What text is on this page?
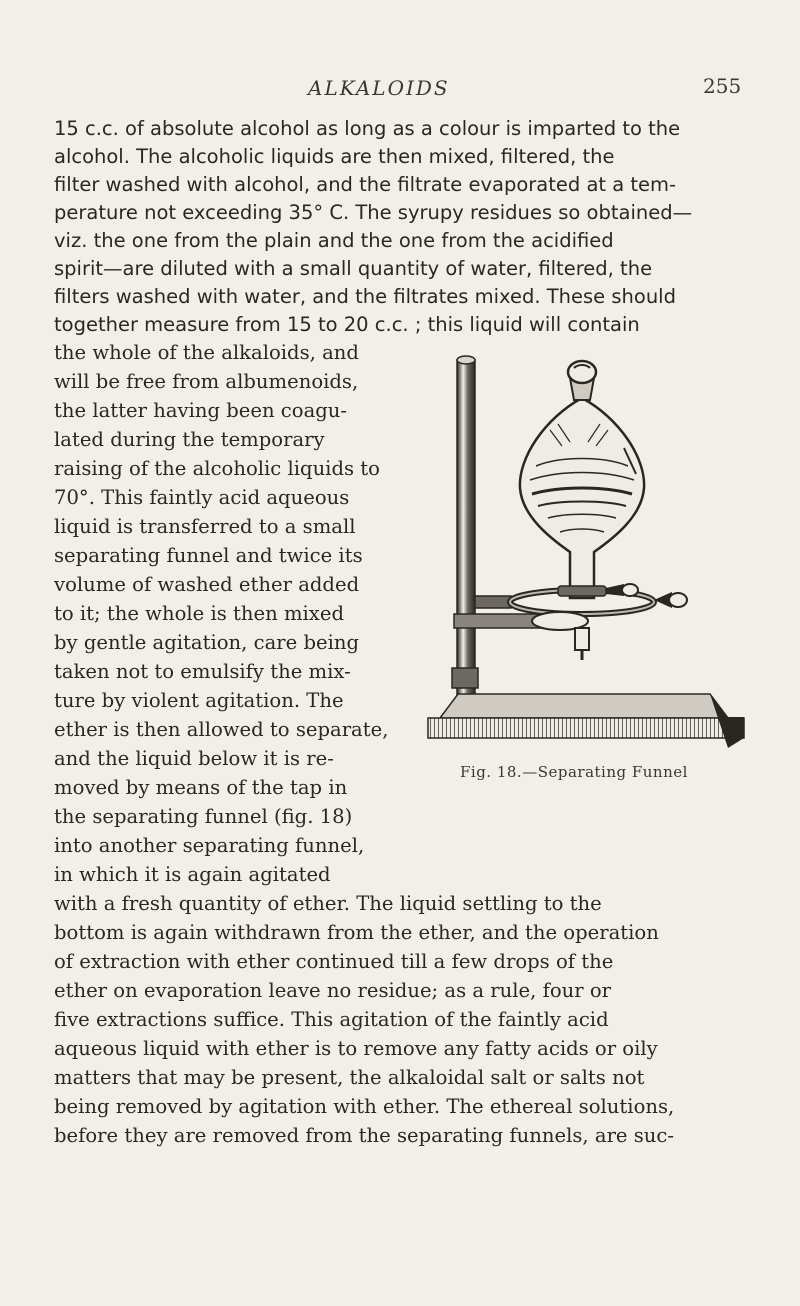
ALKALOIDS	255
15 c.c. of absolute alcohol as long as a colour is imparted to the
alcohol. The alcoholic liquids are then mixed, filtered, the
filter washed with alcohol, and the filtrate evaporated at a tem-
perature not exceeding 35° C. The syrupy residues so obtained—
viz. the one from the plain and the one from the acidified
spirit—are diluted with a small quantity of water, filtered, the
filters washed with water, and the filtrates mixed. These should
together measure from 15 to 20 c.c. ; this liquid will contain
the whole of the alkaloids, and
will be free from albumenoids,
the latter having been coagu-
lated during the temporary
raising of the alcoholic liquids to
70°. This faintly acid aqueous
liquid is transferred to a small
separating funnel and twice its
volume of washed ether added
to it; the whole is then mixed
by gentle agitation, care being
taken not to emulsify the mix-
ture by violent agitation. The
ether is then allowed to separate,
and the liquid below it is re-
moved by means of the tap in
the separating funnel (fig. 18)
into another separating funnel,
in which it is again agitated
with a fresh quantity of ether. The liquid settling to the
bottom is again withdrawn from the ether, and the operation
of extraction with ether continued till a few drops of the
ether on evaporation leave no residue; as a rule, four or
five extractions suffice. This agitation of the faintly acid
aqueous liquid with ether is to remove any fatty acids or oily
matters that may be present, the alkaloidal salt or salts not
being removed by agitation with ether. The ethereal solutions,
before they are removed from the separating funnels, are suc-
Fig. 18.—Separating Funnel
